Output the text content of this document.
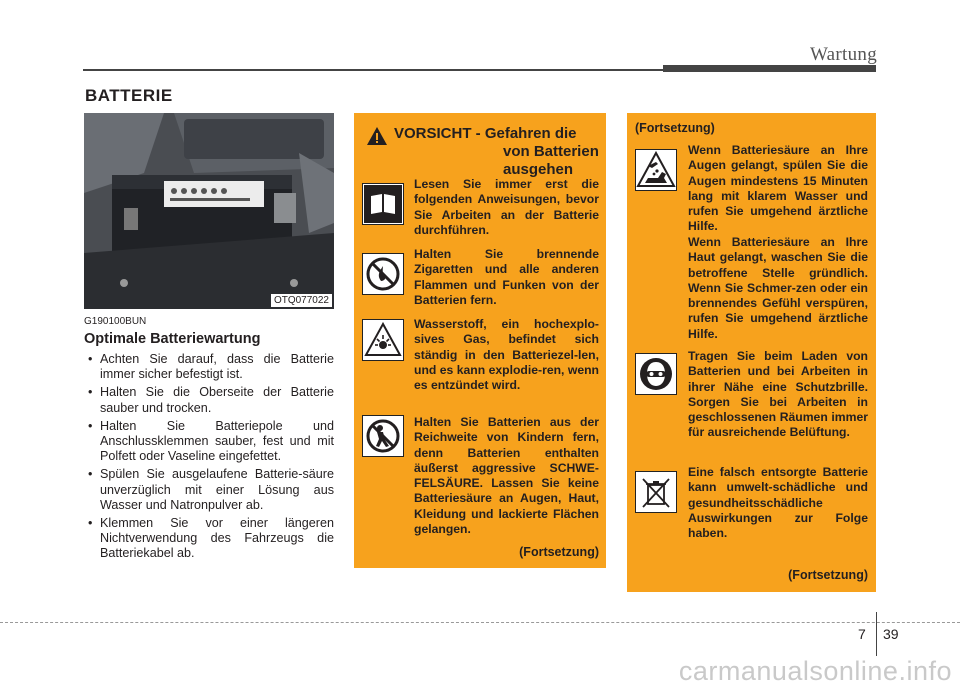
Wartung
BATTERIE
OTQ077022
G190100BUN
Optimale Batteriewartung
• Achten Sie darauf, dass die Batterie immer sicher befestigt ist.
• Halten Sie die Oberseite der Batterie sauber und trocken.
• Halten Sie Batteriepole und Anschlussklemmen sauber, fest und mit Polfett oder Vaseline eingefettet.
• Spülen Sie ausgelaufene Batterie-säure unverzüglich mit einer Lösung aus Wasser und Natronpulver ab.
• Klemmen Sie vor einer längeren Nichtverwendung des Fahrzeugs die Batteriekabel ab.
VORSICHT - Gefahren die
von Batterien
ausgehen
Lesen Sie immer erst die folgenden Anweisungen, bevor Sie Arbeiten an der Batterie durchführen.
Halten Sie brennende Zigaretten und alle anderen Flammen und Funken von der Batterien fern.
Wasserstoff, ein hochexplo-sives Gas, befindet sich ständig in den Batteriezel-len, und es kann explodie-ren, wenn es entzündet wird.
Halten Sie Batterien aus der Reichweite von Kindern fern, denn Batterien enthalten äußerst aggressive SCHWE-FELSÄURE. Lassen Sie keine Batteriesäure an Augen, Haut, Kleidung und lackierte Flächen gelangen.
(Fortsetzung)
(Fortsetzung)
Wenn Batteriesäure an Ihre Augen gelangt, spülen Sie die Augen mindestens 15 Minuten lang mit klarem Wasser und rufen Sie umgehend ärztliche Hilfe.
Wenn Batteriesäure an Ihre Haut gelangt, waschen Sie die betroffene Stelle gründlich. Wenn Sie Schmer-zen oder ein brennendes Gefühl verspüren, rufen Sie umgehend ärztliche Hilfe.
Tragen Sie beim Laden von Batterien und bei Arbeiten in ihrer Nähe eine Schutzbrille. Sorgen Sie bei Arbeiten in geschlossenen Räumen immer für ausreichende Belüftung.
Eine falsch entsorgte Batterie kann umwelt-schädliche und gesundheitsschädliche Auswirkungen zur Folge haben.
(Fortsetzung)
7 39
carmanualsonline.info
